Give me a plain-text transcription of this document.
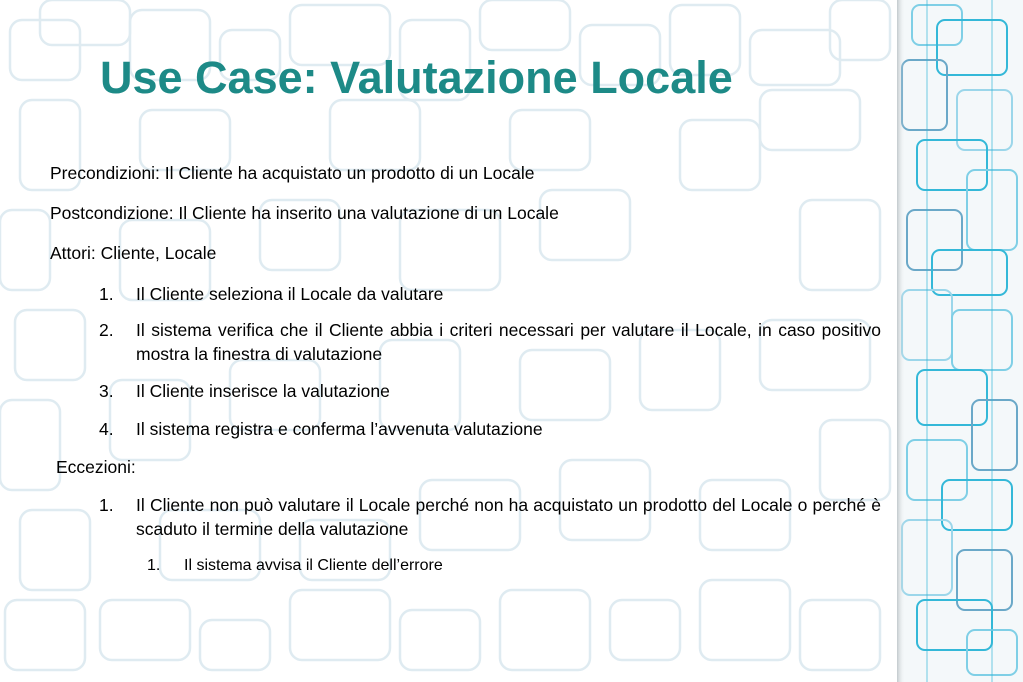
Use Case: Valutazione Locale

Precondizioni: Il Cliente ha acquistato un prodotto di un Locale

Postcondizione: Il Cliente ha inserito una valutazione di un Locale

Attori: Cliente, Locale

1. Il Cliente seleziona il Locale da valutare
2. Il sistema verifica che il Cliente abbia i criteri necessari per valutare il Locale, in caso positivo mostra la finestra di valutazione
3. Il Cliente inserisce la valutazione
4. Il sistema registra e conferma l’avvenuta valutazione

Eccezioni:

1. Il Cliente non può valutare il Locale perché non ha acquistato un prodotto del Locale o perché è scaduto il termine della valutazione
1. Il sistema avvisa il Cliente dell’errore
